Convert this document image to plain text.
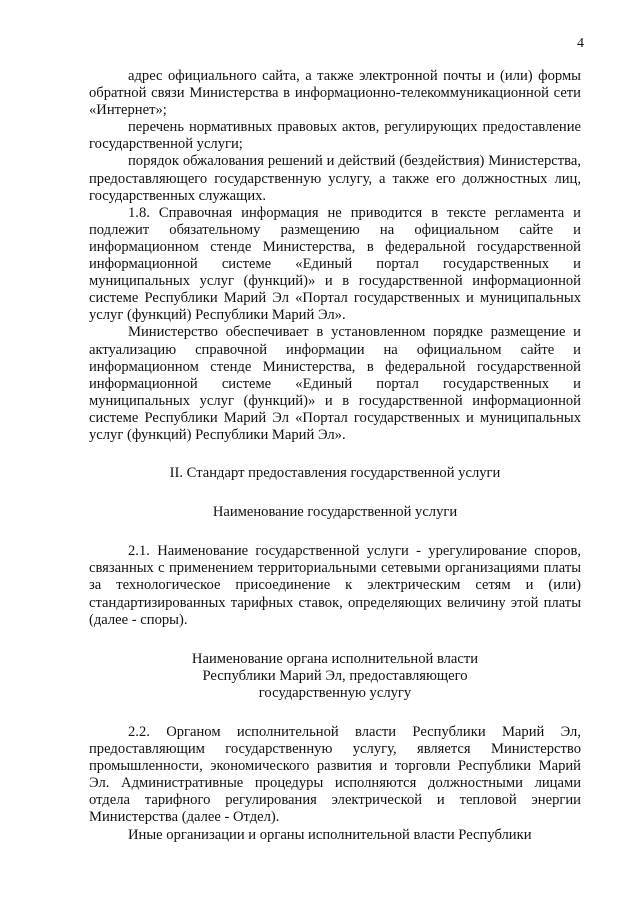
4

адрес официального сайта, а также электронной почты и (или) формы обратной связи Министерства в информационно-телекоммуникационной сети «Интернет»;

перечень нормативных правовых актов, регулирующих предоставление государственной услуги;

порядок обжалования решений и действий (бездействия) Министерства, предоставляющего государственную услугу, а также его должностных лиц, государственных служащих.

1.8. Справочная информация не приводится в тексте регламента и подлежит обязательному размещению на официальном сайте и информационном стенде Министерства, в федеральной государственной информационной системе «Единый портал государственных и муниципальных услуг (функций)» и в государственной информационной системе Республики Марий Эл «Портал государственных и муниципальных услуг (функций) Республики Марий Эл».

Министерство обеспечивает в установленном порядке размещение и актуализацию справочной информации на официальном сайте и информационном стенде Министерства, в федеральной государственной информационной системе «Единый портал государственных и муниципальных услуг (функций)» и в государственной информационной системе Республики Марий Эл «Портал государственных и муниципальных услуг (функций) Республики Марий Эл».

II. Стандарт предоставления государственной услуги
Наименование государственной услуги

2.1. Наименование государственной услуги - урегулирование споров, связанных с применением территориальными сетевыми организациями платы за технологическое присоединение к электрическим сетям и (или) стандартизированных тарифных ставок, определяющих величину этой платы (далее - споры).

Наименование органа исполнительной власти
Республики Марий Эл, предоставляющего
государственную услугу

2.2. Органом исполнительной власти Республики Марий Эл, предоставляющим государственную услугу, является Министерство промышленности, экономического развития и торговли Республики Марий Эл. Административные процедуры исполняются должностными лицами отдела тарифного регулирования электрической и тепловой энергии Министерства (далее - Отдел).

Иные организации и органы исполнительной власти Республики
